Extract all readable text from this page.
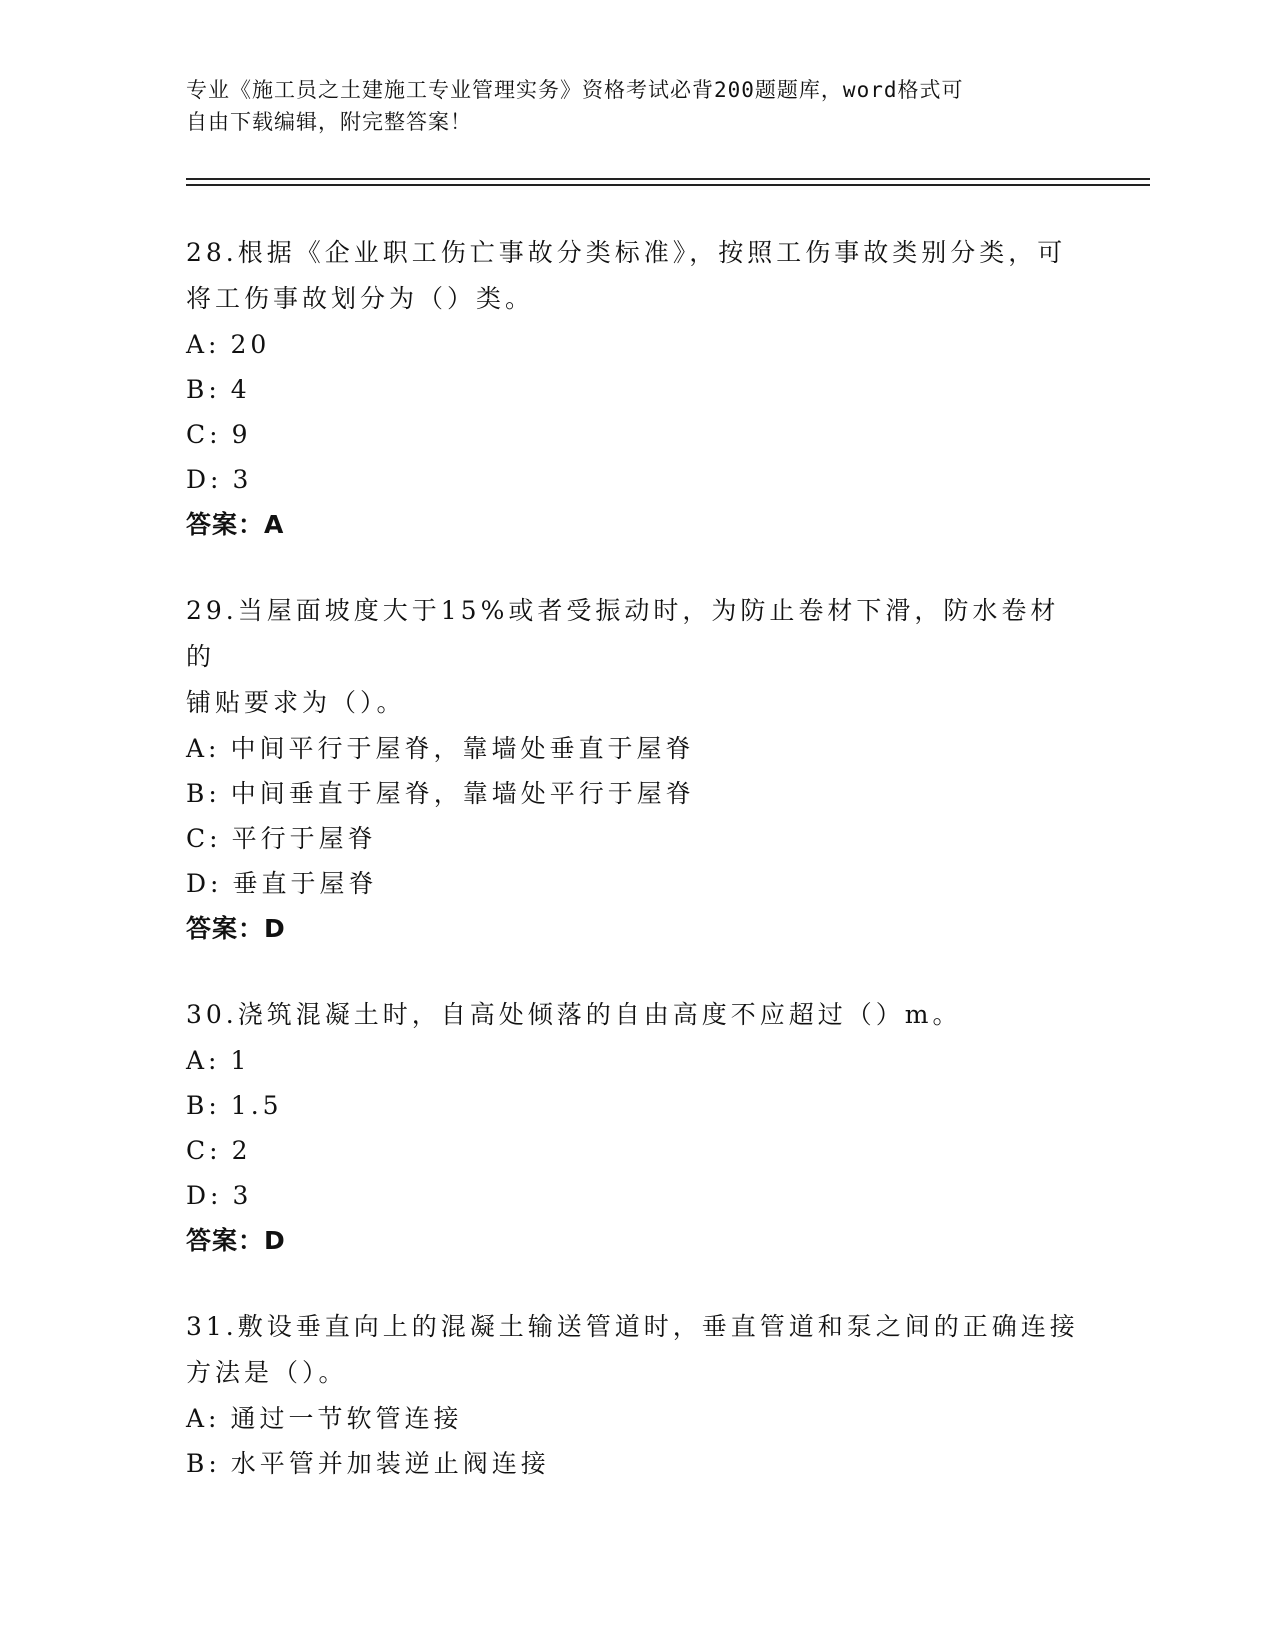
专业《施工员之土建施工专业管理实务》资格考试必背200题题库，word格式可
自由下载编辑，附完整答案！
28.根据《企业职工伤亡事故分类标准》，按照工伤事故类别分类，可
将工伤事故划分为（）类。
A: 20
B: 4
C: 9
D: 3
答案：A
29.当屋面坡度大于15%或者受振动时，为防止卷材下滑，防水卷材的
铺贴要求为（）。
A: 中间平行于屋脊，靠墙处垂直于屋脊
B: 中间垂直于屋脊，靠墙处平行于屋脊
C: 平行于屋脊
D: 垂直于屋脊
答案：D
30.浇筑混凝土时，自高处倾落的自由高度不应超过（）m。
A: 1
B: 1.5
C: 2
D: 3
答案：D
31.敷设垂直向上的混凝土输送管道时，垂直管道和泵之间的正确连接
方法是（）。
A: 通过一节软管连接
B: 水平管并加装逆止阀连接
